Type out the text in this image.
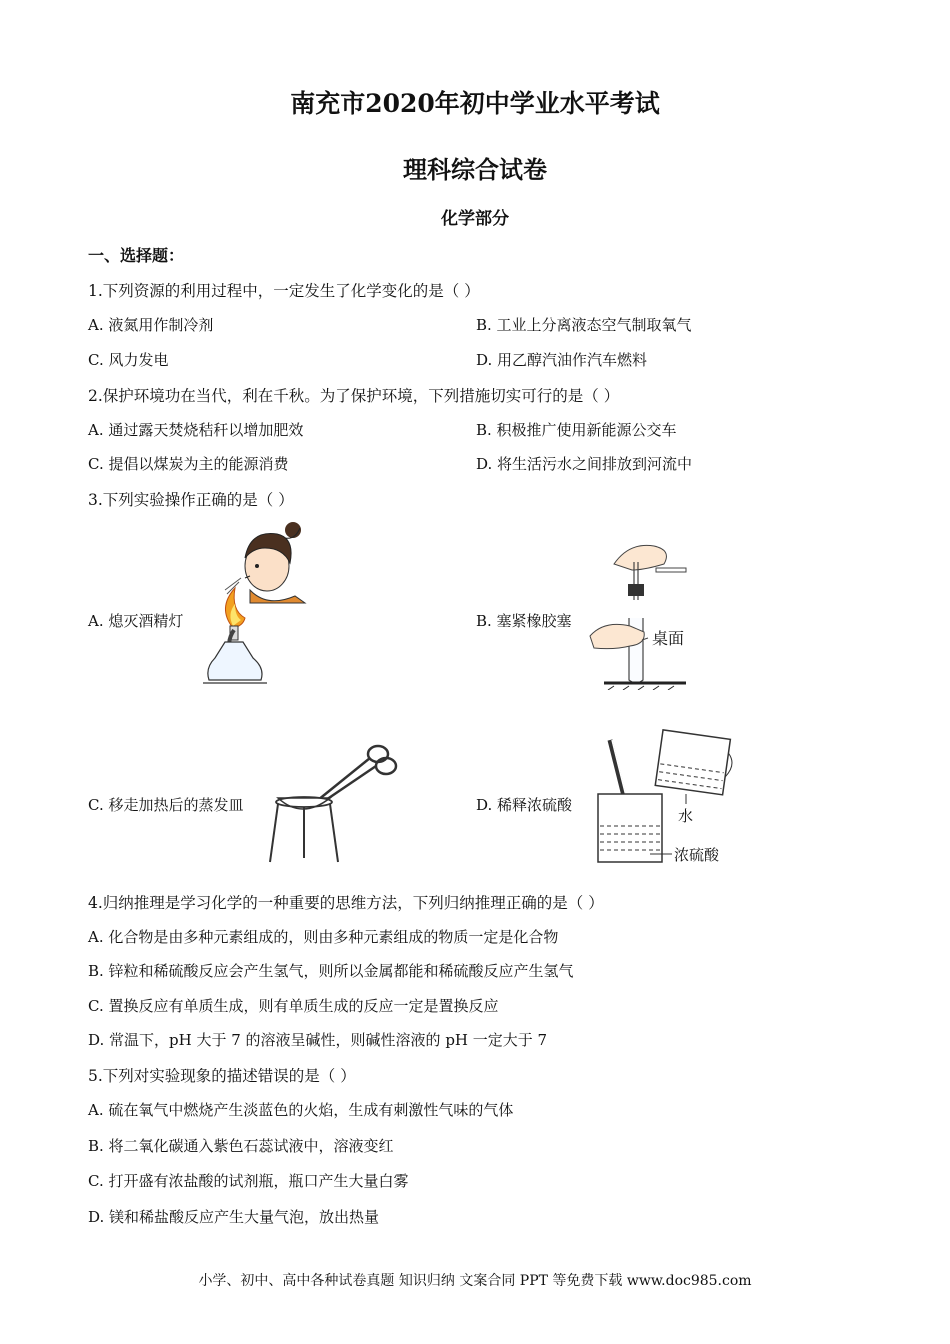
南充市2020年初中学业水平考试
理科综合试卷
化学部分
一、选择题：
1.下列资源的利用过程中，一定发生了化学变化的是（ ）
A. 液氮用作制冷剂	B. 工业上分离液态空气制取氧气
C. 风力发电	D. 用乙醇汽油作汽车燃料
2.保护环境功在当代，利在千秋。为了保护环境，下列措施切实可行的是（ ）
A. 通过露天焚烧秸秆以增加肥效	B. 积极推广使用新能源公交车
C. 提倡以煤炭为主的能源消费	D. 将生活污水之间排放到河流中
3.下列实验操作正确的是（ ）
A. 熄灭酒精灯	B. 塞紧橡胶塞
C. 移走加热后的蒸发皿	D. 稀释浓硫酸
桌面
水
浓硫酸
4.归纳推理是学习化学的一种重要的思维方法，下列归纳推理正确的是（ ）
A. 化合物是由多种元素组成的，则由多种元素组成的物质一定是化合物
B. 锌粒和稀硫酸反应会产生氢气，则所以金属都能和稀硫酸反应产生氢气
C. 置换反应有单质生成，则有单质生成的反应一定是置换反应
D. 常温下，pH 大于 7 的溶液呈碱性，则碱性溶液的 pH 一定大于 7
5.下列对实验现象的描述错误的是（ ）
A. 硫在氧气中燃烧产生淡蓝色的火焰，生成有刺激性气味的气体
B. 将二氧化碳通入紫色石蕊试液中，溶液变红
C. 打开盛有浓盐酸的试剂瓶，瓶口产生大量白雾
D. 镁和稀盐酸反应产生大量气泡，放出热量
小学、初中、高中各种试卷真题 知识归纳 文案合同 PPT 等免费下载 www.doc985.com
